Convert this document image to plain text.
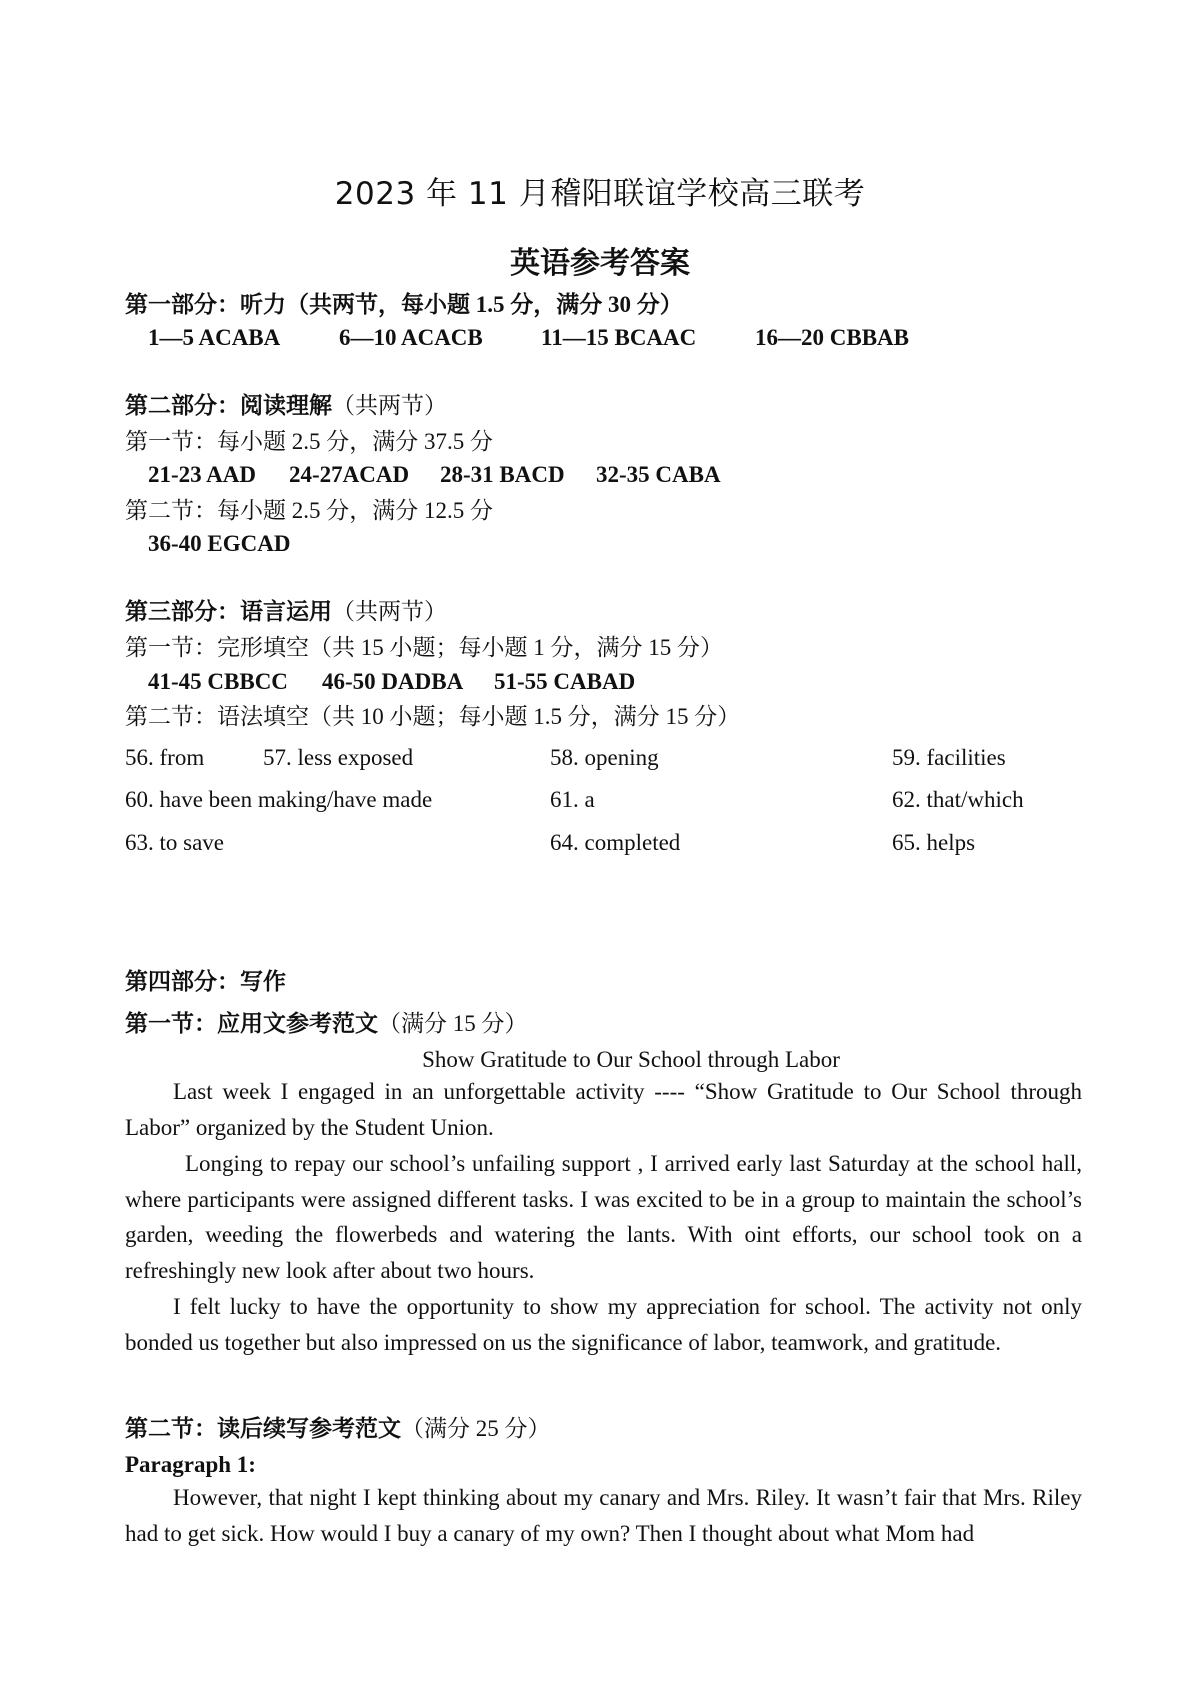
2023 年 11 月稽阳联谊学校高三联考
英语参考答案
第一部分：听力（共两节，每小题 1.5 分，满分 30 分）
1—5 ACABA	6—10 ACACB	11—15 BCAAC	16—20 CBBAB
第二部分：阅读理解（共两节）
第一节：每小题 2.5 分，满分 37.5 分
21-23 AAD 24-27ACAD 28-31 BACD 32-35 CABA
第二节：每小题 2.5 分，满分 12.5 分
36-40 EGCAD
第三部分：语言运用（共两节）
第一节：完形填空（共 15 小题；每小题 1 分，满分 15 分）
41-45 CBBCC 46-50 DADBA 51-55 CABAD
第二节：语法填空（共 10 小题；每小题 1.5 分，满分 15 分）
56. from	57. less exposed	58. opening	59. facilities
60. have been making/have made	61. a	62. that/which
63. to save	64. completed	65. helps
第四部分：写作
第一节：应用文参考范文（满分 15 分）
Show Gratitude to Our School through Labor
Last week I engaged in an unforgettable activity ---- “Show Gratitude to Our School through Labor” organized by the Student Union.
Longing to repay our school’s unfailing support , I arrived early last Saturday at the school hall, where participants were assigned different tasks. I was excited to be in a group to maintain the school’s garden, weeding the flowerbeds and watering the lants. With oint efforts, our school took on a refreshingly new look after about two hours.
I felt lucky to have the opportunity to show my appreciation for school. The activity not only bonded us together but also impressed on us the significance of labor, teamwork, and gratitude.
第二节：读后续写参考范文（满分 25 分）
Paragraph 1:
However, that night I kept thinking about my canary and Mrs. Riley. It wasn’t fair that Mrs. Riley had to get sick. How would I buy a canary of my own? Then I thought about what Mom had
